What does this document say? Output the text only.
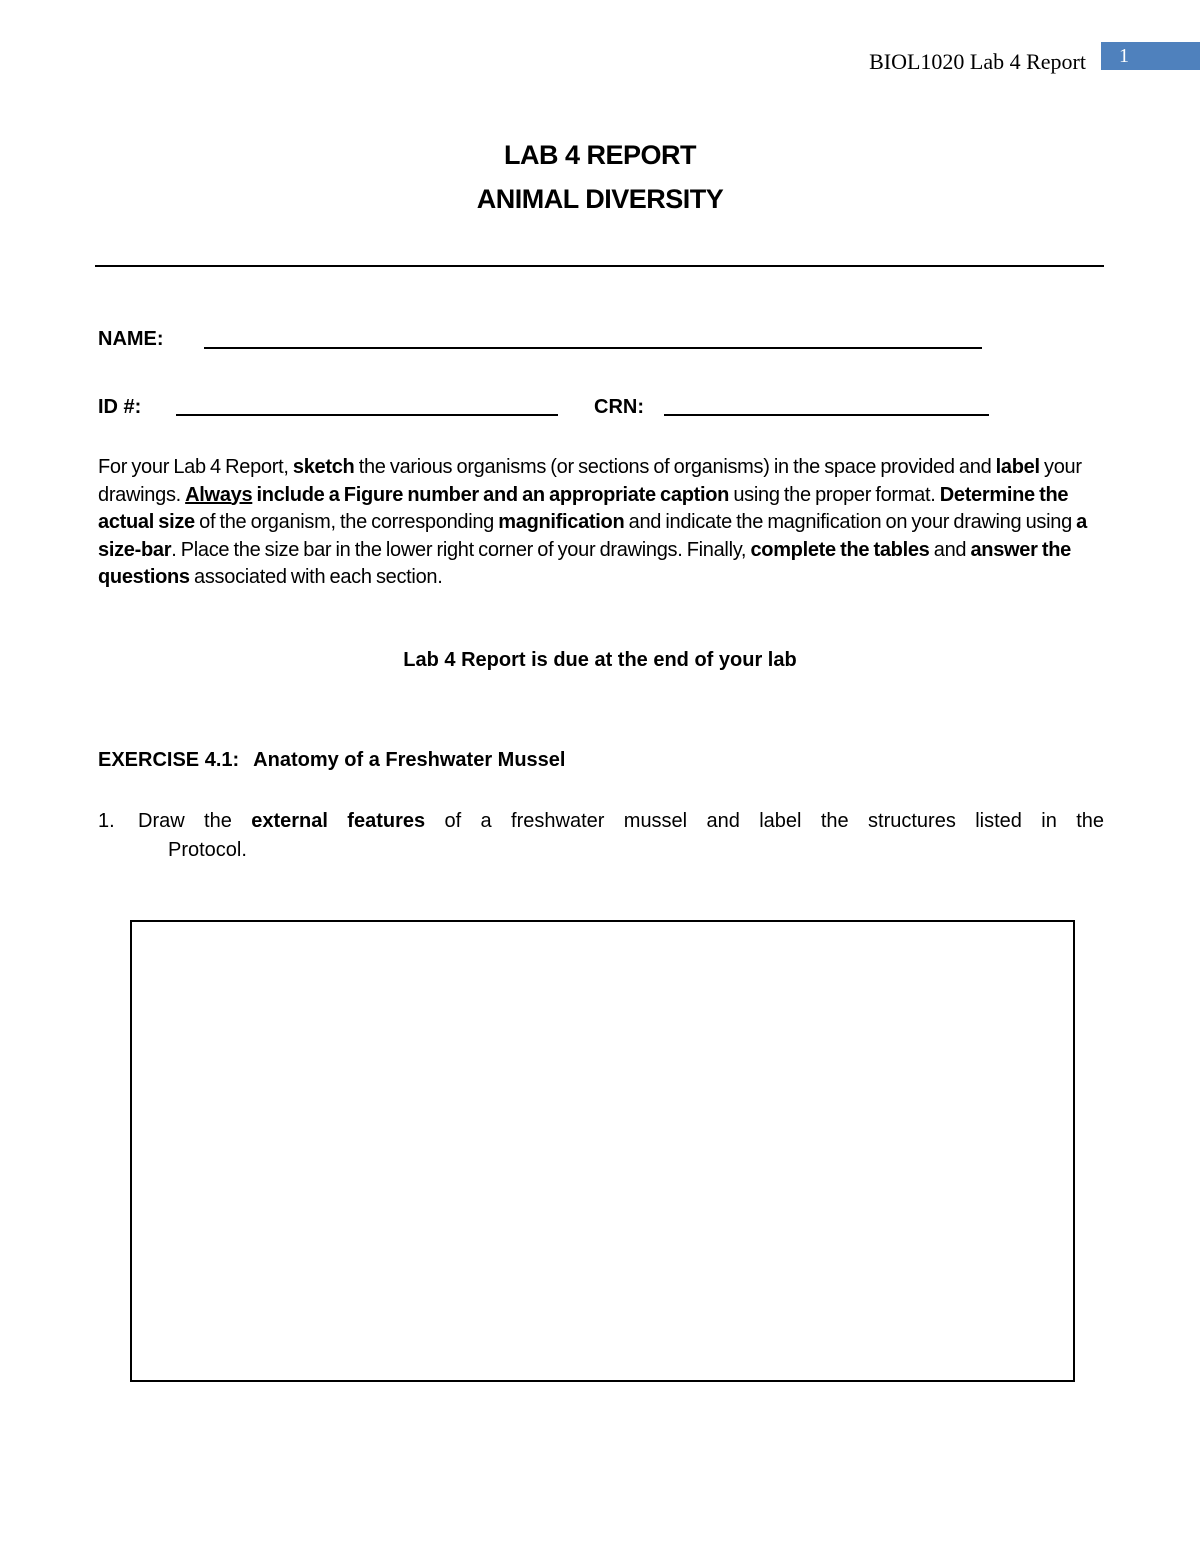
BIOL1020 Lab 4 Report 1
LAB 4 REPORT
ANIMAL DIVERSITY
NAME:
ID #:	CRN:
For your Lab 4 Report, sketch the various organisms (or sections of organisms) in the space provided and label your drawings. Always include a Figure number and an appropriate caption using the proper format. Determine the actual size of the organism, the corresponding magnification and indicate the magnification on your drawing using a size-bar. Place the size bar in the lower right corner of your drawings. Finally, complete the tables and answer the questions associated with each section.
Lab 4 Report is due at the end of your lab
EXERCISE 4.1: Anatomy of a Freshwater Mussel
1. Draw the external features of a freshwater mussel and label the structures listed in the
Protocol.
